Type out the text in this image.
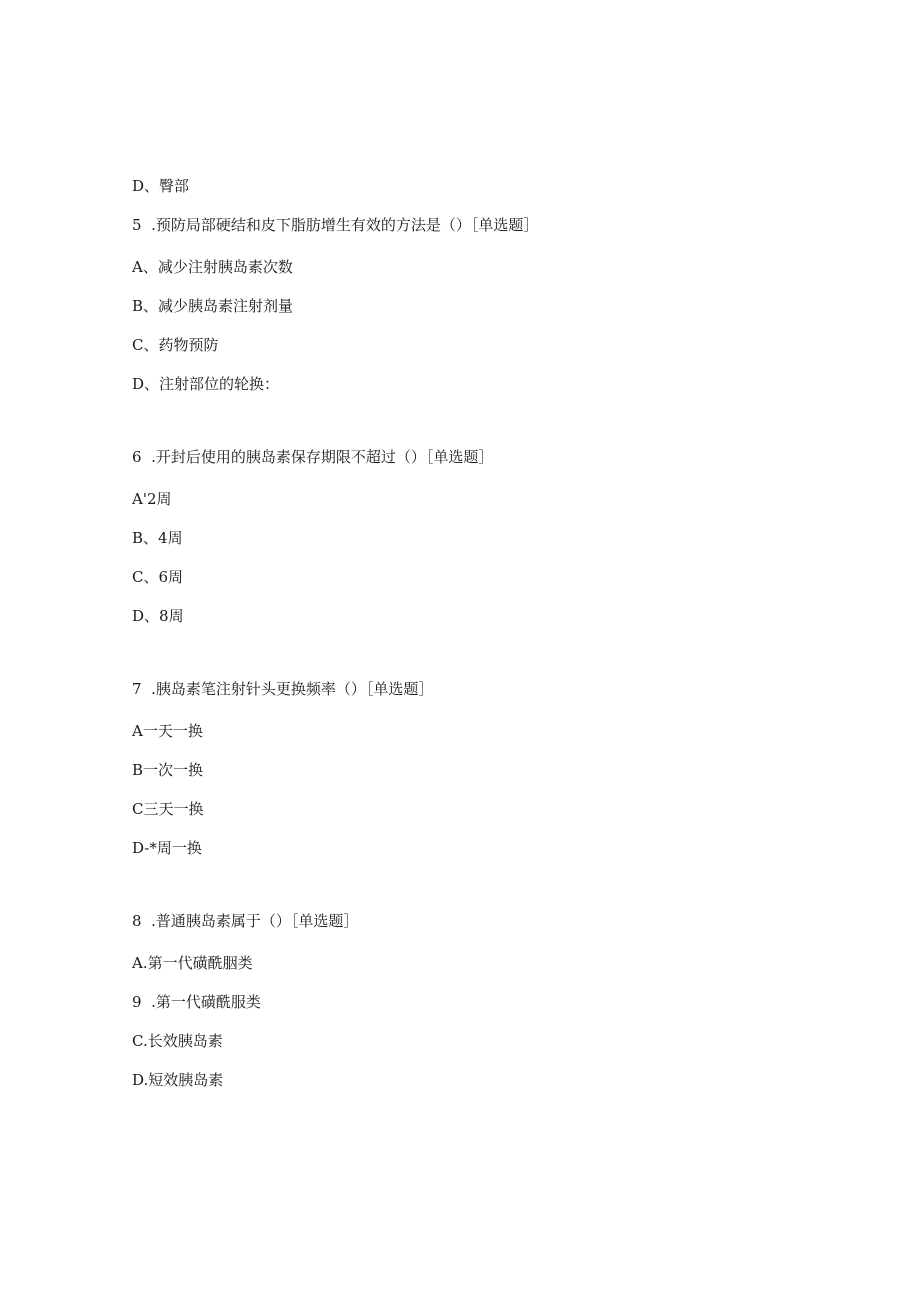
D、臀部
5  .预防局部硬结和皮下脂肪增生有效的方法是（）［单选题］
A、减少注射胰岛素次数
B、减少胰岛素注射剂量
C、药物预防
D、注射部位的轮换：
6  .开封后使用的胰岛素保存期限不超过（）［单选题］
A'2周
B、4周
C、6周
D、8周
7  .胰岛素笔注射针头更换频率（）［单选题］
A一天一换
B一次一换
C三天一换
D-*周一换
8  .普通胰岛素属于（）［单选题］
A.第一代磺酰胭类
9  .第一代磺酰服类
C.长效胰岛素
D.短效胰岛素
